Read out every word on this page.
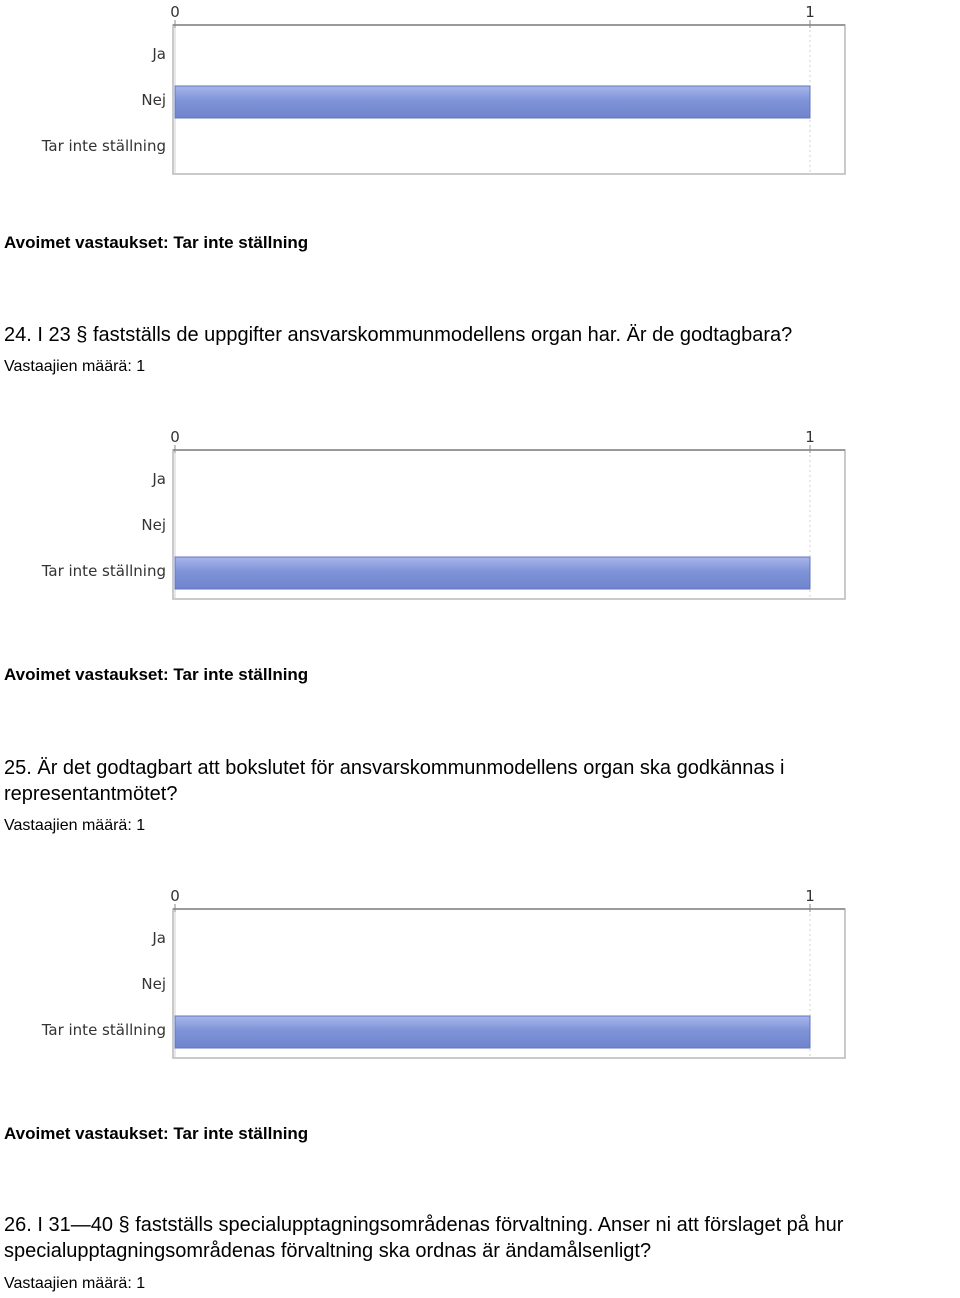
0	1
Ja
Nej
Tar inte ställning
Avoimet vastaukset: Tar inte ställning
24. I 23 § fastställs de uppgifter ansvarskommunmodellens organ har. Är de godtagbara?
Vastaajien määrä: 1
0	1
Ja
Nej
Tar inte ställning
Avoimet vastaukset: Tar inte ställning
25. Är det godtagbart att bokslutet för ansvarskommunmodellens organ ska godkännas i representantmötet?
Vastaajien määrä: 1
0	1
Ja
Nej
Tar inte ställning
Avoimet vastaukset: Tar inte ställning
26. I 31—40 § fastställs specialupptagningsområdenas förvaltning. Anser ni att förslaget på hur specialupptagningsområdenas förvaltning ska ordnas är ändamålsenligt?
Vastaajien määrä: 1
